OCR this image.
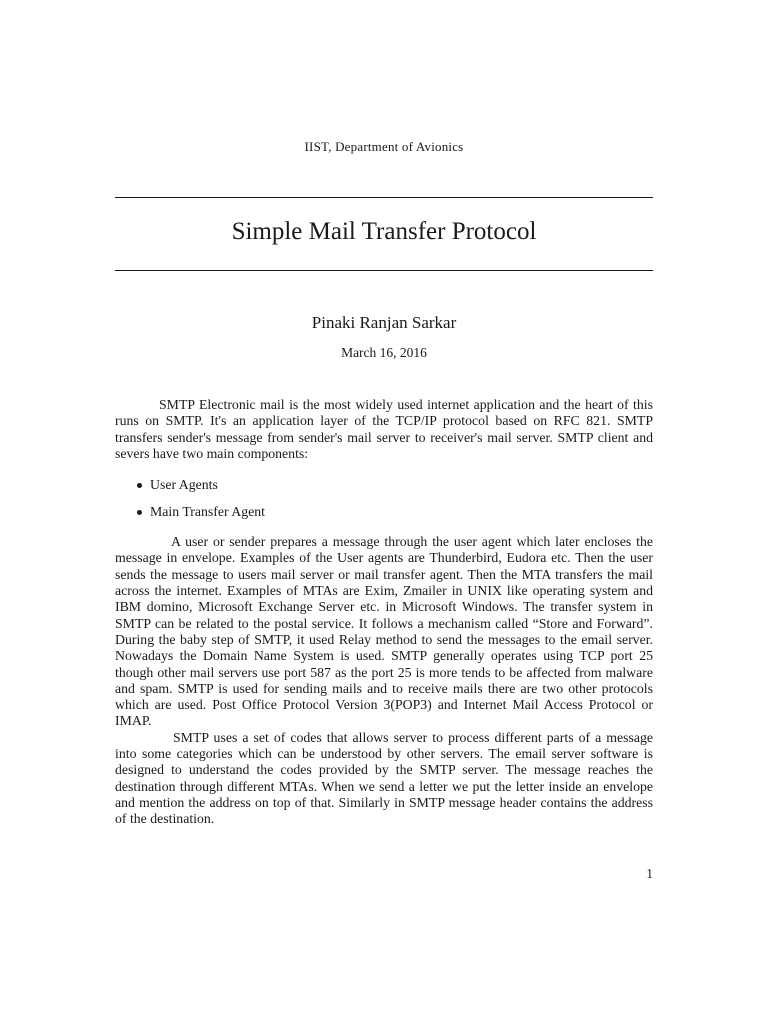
IIST, Department of Avionics
Simple Mail Transfer Protocol
Pinaki Ranjan Sarkar
March 16, 2016

SMTP Electronic mail is the most widely used internet application and the heart of this runs on SMTP. It's an application layer of the TCP/IP protocol based on RFC 821. SMTP transfers sender's message from sender's mail server to receiver's mail server. SMTP client and severs have two main components:

User Agents
Main Transfer Agent

A user or sender prepares a message through the user agent which later encloses the message in envelope. Examples of the User agents are Thunderbird, Eudora etc. Then the user sends the message to users mail server or mail transfer agent. Then the MTA transfers the mail across the internet. Examples of MTAs are Exim, Zmailer in UNIX like operating system and IBM domino, Microsoft Exchange Server etc. in Microsoft Windows. The transfer system in SMTP can be related to the postal service. It follows a mechanism called “Store and Forward”. During the baby step of SMTP, it used Relay method to send the messages to the email server. Nowadays the Domain Name System is used. SMTP generally operates using TCP port 25 though other mail servers use port 587 as the port 25 is more tends to be affected from malware and spam. SMTP is used for sending mails and to receive mails there are two other protocols which are used. Post Office Protocol Version 3(POP3) and Internet Mail Access Protocol or IMAP.

SMTP uses a set of codes that allows server to process different parts of a message into some categories which can be understood by other servers. The email server software is designed to understand the codes provided by the SMTP server. The message reaches the destination through different MTAs. When we send a letter we put the letter inside an envelope and mention the address on top of that. Similarly in SMTP message header contains the address of the destination.

1
